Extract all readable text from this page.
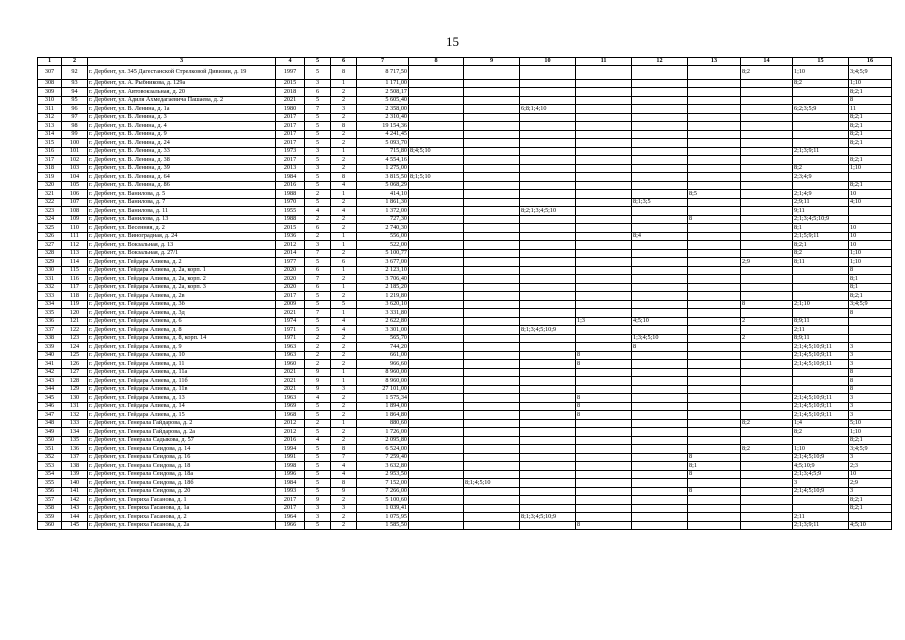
15
1	2	3	4	5	6	7	8	9	10	11	12	13	14	15	16
307	92	г. Дербент, ул. 345 Дагестанской Стрелковой Дивизии, д. 19	1997	5	8	8 717,50							8;2	1;10	3;4;5;9
308	93	г. Дербент, ул. А. Рыбникова, д. 129а	2015	3	1	1 171,00								8;2	1;10
309	94	г. Дербент, ул. Автовокзальная, д. 20	2018	6	2	2 508,17									8;2;1
310	95	г. Дербент, ул. Адиля Ахмедагаевича Пашаева, д. 2	2021	5	2	5 605,40									8
311	96	г. Дербент, ул. В. Ленина, д. 1а	1980	7	3	2 358,00			6;8;1;4;10					6;2;3;5;9	11
312	97	г. Дербент, ул. В. Ленина, д. 3	2017	5	2	2 310,40									8;2;1
313	98	г. Дербент, ул. В. Ленина, д. 4	2017	5	8	19 154,36									8;2;1
314	99	г. Дербент, ул. В. Ленина, д. 9	2017	5	2	4 241,45									8;2;1
315	100	г. Дербент, ул. В. Ленина, д. 24	2017	5	2	5 093,70									8;2;1
316	101	г. Дербент, ул. В. Ленина, д. 33	1973	3	1	715,80	8;4;5;10							2;1;3;9;11	
317	102	г. Дербент, ул. В. Ленина, д. 38	2017	5	2	4 554,16									8;2;1
318	103	г. Дербент, ул. В. Ленина, д. 39	2013	3	2	1 275,00								8;2	1;10
319	104	г. Дербент, ул. В. Ленина, д. 64	1984	5	8	3 815,50	8;1;5;10							2;3;4;9	
320	105	г. Дербент, ул. В. Ленина, д. 86	2016	5	4	5 068,29									8;2;1
321	106	г. Дербент, ул. Ванилова, д. 5	1988	2	1	414,10						8;5		2;1;4;9	10
322	107	г. Дербент, ул. Ванилова, д. 7	1970	5	2	1 861,30					8;1;3;5			2;9;11	4;10
323	108	г. Дербент, ул. Ванилова, д. 11	1955	4	4	1 372,00			8;2;1;3;4;5;10					9;11	
324	109	г. Дербент, ул. Ванилова, д. 13	1988	2	2	727,30						8		2;1;3;4;5;10;9	
325	110	г. Дербент, ул. Весенняя, д. 2	2015	6	2	2 740,30								8;1	10
326	111	г. Дербент, ул. Виноградная, д. 24	1936	2	1	556,00					8;4			2;1;5;9;11	10
327	112	г. Дербент, ул. Вокзальная, д. 13	2012	3	1	522,00								8;2;1	10
328	113	г. Дербент, ул. Вокзальная, д. 27/1	2014	7	2	5 100,77								8;2	1;10
329	114	г. Дербент, ул. Гейдара Алиева, д. 2	1977	5	6	3 677,00							2;9	8;11	1;10
330	115	г. Дербент, ул. Гейдара Алиева, д. 2а, корп. 1	2020	6	1	2 123,10									8
331	116	г. Дербент, ул. Гейдара Алиева, д. 2а, корп. 2	2020	7	2	3 706,40									8;1
332	117	г. Дербент, ул. Гейдара Алиева, д. 2а, корп. 3	2020	6	1	2 185,20									8;1
333	118	г. Дербент, ул. Гейдара Алиева, д. 2в	2017	5	2	1 219,80									8;2;1
334	119	г. Дербент, ул. Гейдара Алиева, д. 3б	2009	5	5	3 620,10							8	2;1;10	3;4;5;9
335	120	г. Дербент, ул. Гейдара Алиева, д. 3д	2021	7	1	3 331,80									8
336	121	г. Дербент, ул. Гейдара Алиева, д. 6	1974	5	4	2 622,80				1;3	4;5;10		2	8;9;11	
337	122	г. Дербент, ул. Гейдара Алиева, д. 8	1971	5	4	3 301,00			8;1;3;4;5;10;9					2;11	
338	123	г. Дербент, ул. Гейдара Алиева, д. 8, корп. 14	1971	2	2	565,70					1;3;4;5;10		2	8;9;11	
339	124	г. Дербент, ул. Гейдара Алиева, д. 9	1963	2	2	744,20					8			2;1;4;5;10;9;11	3
340	125	г. Дербент, ул. Гейдара Алиева, д. 10	1963	2	2	661,00				8				2;1;4;5;10;9;11	3
341	126	г. Дербент, ул. Гейдара Алиева, д. 11	1960	2	2	966,60				8				2;1;4;5;10;9;11	3
342	127	г. Дербент, ул. Гейдара Алиева, д. 11а	2021	9	1	8 960,00									8
343	128	г. Дербент, ул. Гейдара Алиева, д. 11б	2021	9	1	8 960,00									8
344	129	г. Дербент, ул. Гейдара Алиева, д. 11в	2021	9	3	27 101,00									8
345	130	г. Дербент, ул. Гейдара Алиева, д. 13	1963	4	2	1 575,34				8				2;1;4;5;10;9;11	3
346	131	г. Дербент, ул. Гейдара Алиева, д. 14	1969	5	2	1 894,00				8				2;1;4;5;10;9;11	3
347	132	г. Дербент, ул. Гейдара Алиева, д. 15	1968	5	2	1 864,80				8				2;1;4;5;10;9;11	3
348	133	г. Дербент, ул. Генерала Гайдарова, д. 2	2012	2	1	880,60							8;2	1;4	5;10
349	134	г. Дербент, ул. Генерала Гайдарова, д. 2а	2012	5	2	1 726,00								8;2	1;10
350	135	г. Дербент, ул. Генерала Садыкова, д. 57	2016	4	2	2 095,80									8;2;1
351	136	г. Дербент, ул. Генерала Сеидова, д. 14	1994	5	8	6 524,00							8;2	1;10	3;4;5;9
352	137	г. Дербент, ул. Генерала Сеидова, д. 16	1991	5	7	7 259,40						8		2;1;4;5;10;9	3
353	138	г. Дербент, ул. Генерала Сеидова, д. 18	1998	5	4	3 632,80						8;1		4;5;10;9	2;3
354	139	г. Дербент, ул. Генерала Сеидова, д. 18а	1996	5	4	2 953,50						8		2;1;3;4;5;9	10
355	140	г. Дербент, ул. Генерала Сеидова, д. 18б	1984	5	8	7 152,00		8;1;4;5;10						3	2;9
356	141	г. Дербент, ул. Генерала Сеидова, д. 20	1993	5	9	7 266,00						8		2;1;4;5;10;9	3
357	142	г. Дербент, ул. Генриха Гасанова, д. 1	2017	9	2	5 100,60									8;2;1
358	143	г. Дербент, ул. Генриха Гасанова, д. 1а	2017	3	3	1 039,41									8;2;1
359	144	г. Дербент, ул. Генриха Гасанова, д. 2	1964	3	2	1 075,95			8;1;3;4;5;10;9					2;11	
360	145	г. Дербент, ул. Генриха Гасанова, д. 2а	1966	5	2	1 585,50				8				2;1;3;9;11	4;5;10
